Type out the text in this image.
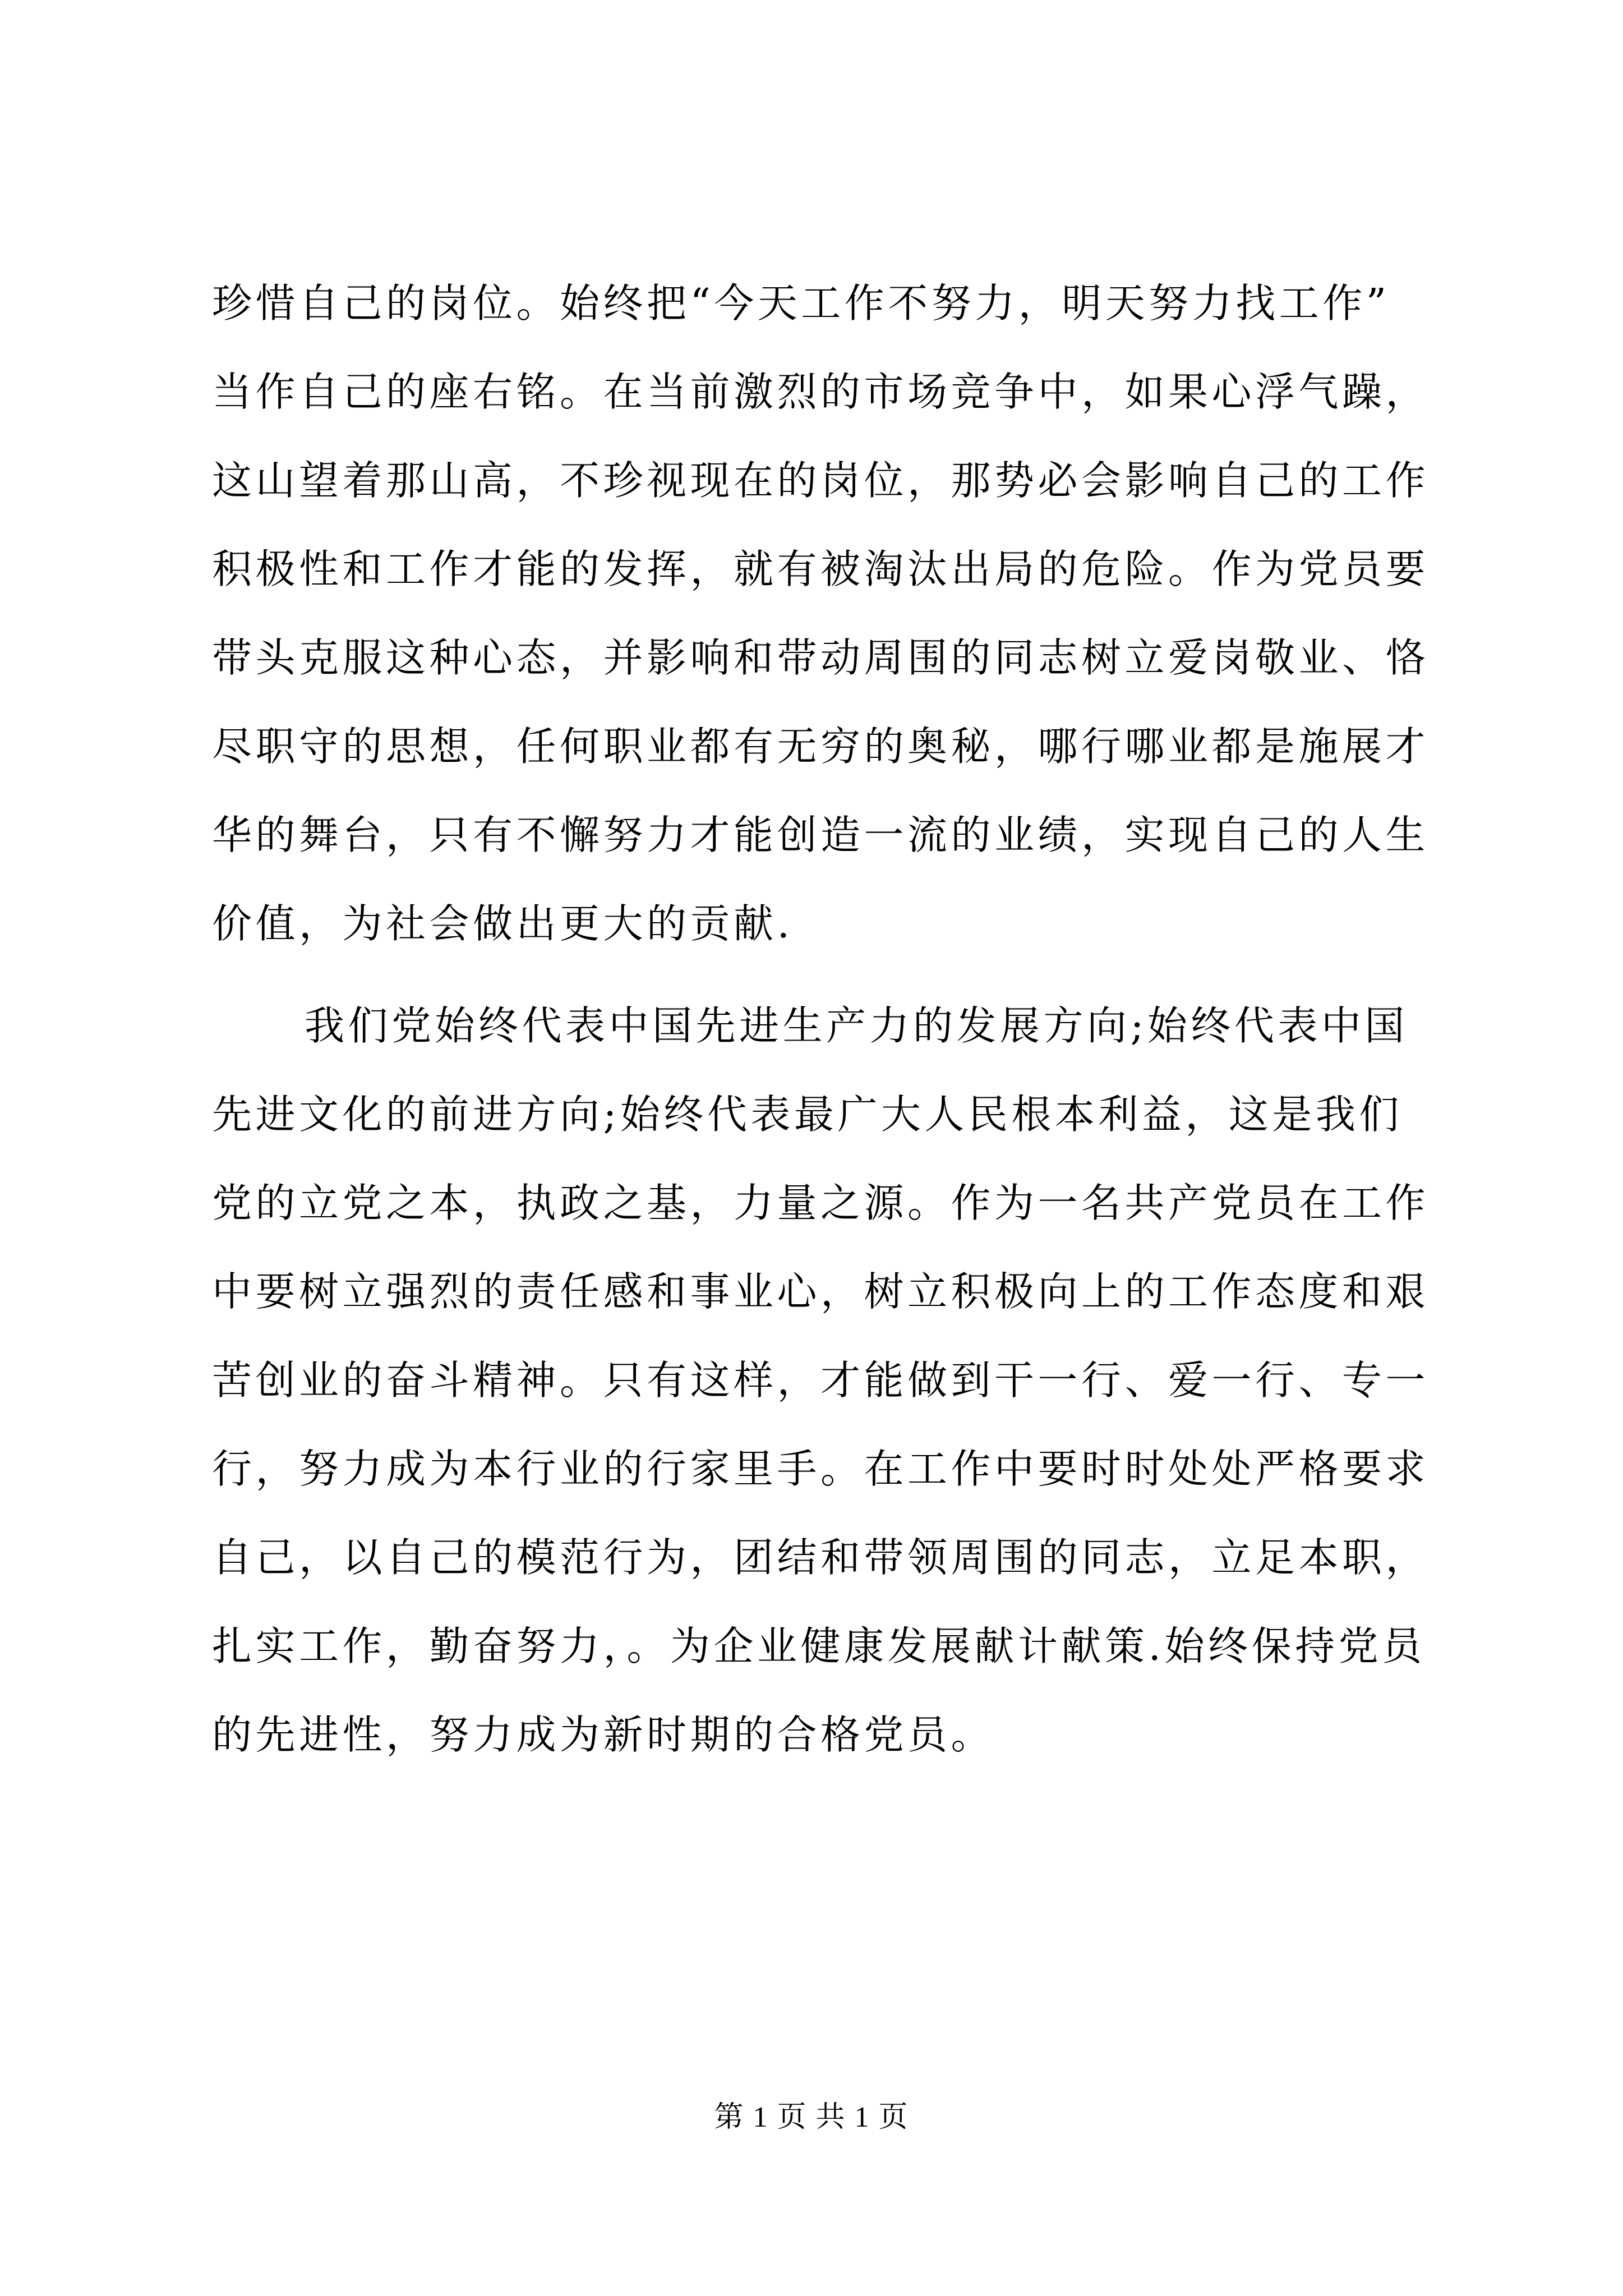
珍惜自己的岗位。始终把“今天工作不努力，明天努力找工作”
当作自己的座右铭。在当前激烈的市场竞争中，如果心浮气躁，
这山望着那山高，不珍视现在的岗位，那势必会影响自己的工作
积极性和工作才能的发挥，就有被淘汰出局的危险。作为党员要
带头克服这种心态，并影响和带动周围的同志树立爱岗敬业、恪
尽职守的思想，任何职业都有无穷的奥秘，哪行哪业都是施展才
华的舞台，只有不懈努力才能创造一流的业绩，实现自己的人生
价值，为社会做出更大的贡献.
我们党始终代表中国先进生产力的发展方向;始终代表中国
先进文化的前进方向;始终代表最广大人民根本利益，这是我们
党的立党之本，执政之基，力量之源。作为一名共产党员在工作
中要树立强烈的责任感和事业心，树立积极向上的工作态度和艰
苦创业的奋斗精神。只有这样，才能做到干一行、爱一行、专一
行，努力成为本行业的行家里手。在工作中要时时处处严格要求
自己，以自己的模范行为，团结和带领周围的同志，立足本职，
扎实工作，勤奋努力，。为企业健康发展献计献策.始终保持党员
的先进性，努力成为新时期的合格党员。
第 1 页 共 1 页
